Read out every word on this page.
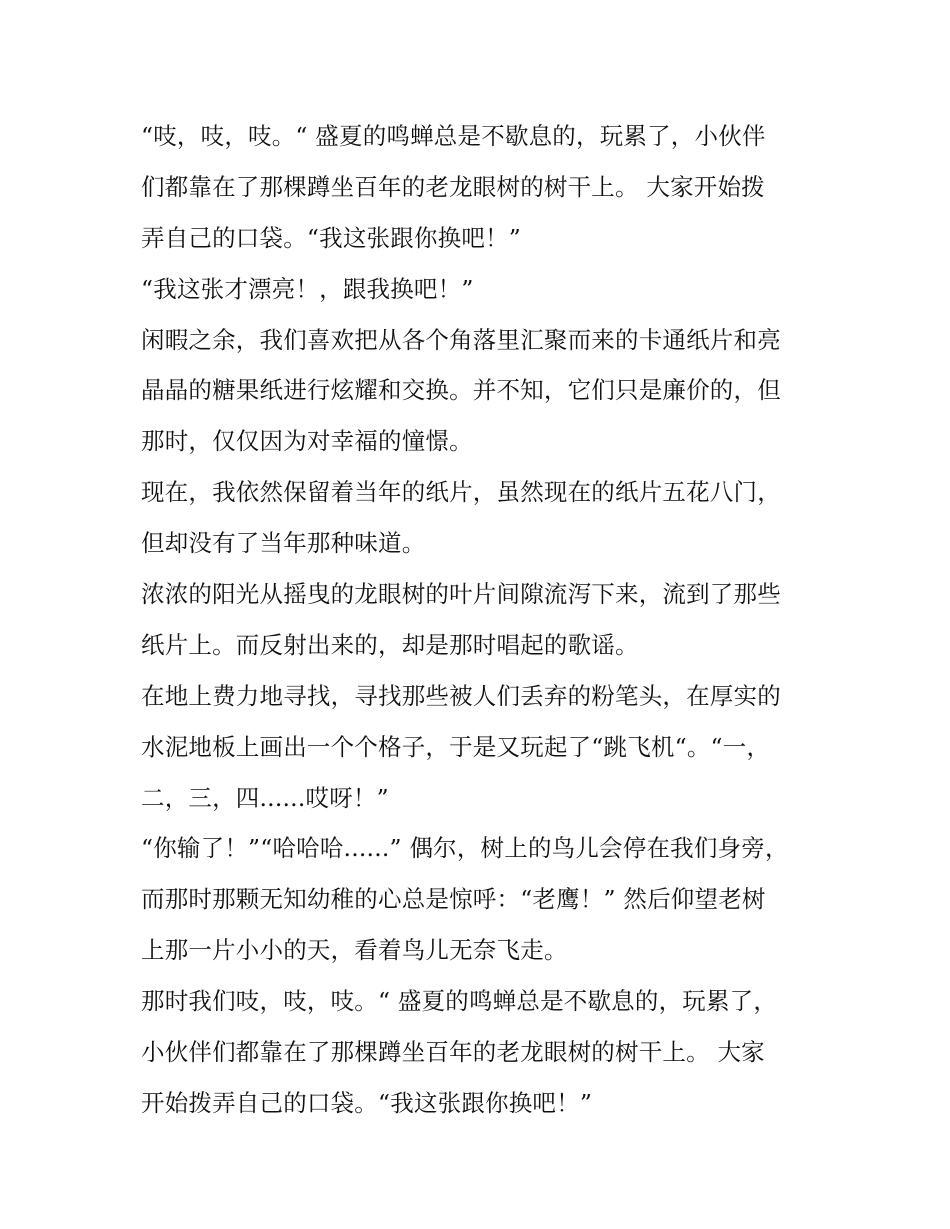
“吱，吱，吱。“ 盛夏的鸣蝉总是不歇息的，玩累了，小伙伴
们都靠在了那棵蹲坐百年的老龙眼树的树干上。 大家开始拨
弄自己的口袋。“我这张跟你换吧！”
“我这张才漂亮！，跟我换吧！”
闲暇之余，我们喜欢把从各个角落里汇聚而来的卡通纸片和亮
晶晶的糖果纸进行炫耀和交换。并不知，它们只是廉价的，但
那时，仅仅因为对幸福的憧憬。
现在，我依然保留着当年的纸片，虽然现在的纸片五花八门，
但却没有了当年那种味道。
浓浓的阳光从摇曳的龙眼树的叶片间隙流泻下来，流到了那些
纸片上。而反射出来的，却是那时唱起的歌谣。
在地上费力地寻找，寻找那些被人们丢弃的粉笔头，在厚实的
水泥地板上画出一个个格子，于是又玩起了“跳飞机“。“一，
二，三，四......哎呀！”
“你输了！”“哈哈哈......” 偶尔，树上的鸟儿会停在我们身旁，
而那时那颗无知幼稚的心总是惊呼：“老鹰！” 然后仰望老树
上那一片小小的天，看着鸟儿无奈飞走。
那时我们吱，吱，吱。“ 盛夏的鸣蝉总是不歇息的，玩累了，
小伙伴们都靠在了那棵蹲坐百年的老龙眼树的树干上。 大家
开始拨弄自己的口袋。“我这张跟你换吧！”
